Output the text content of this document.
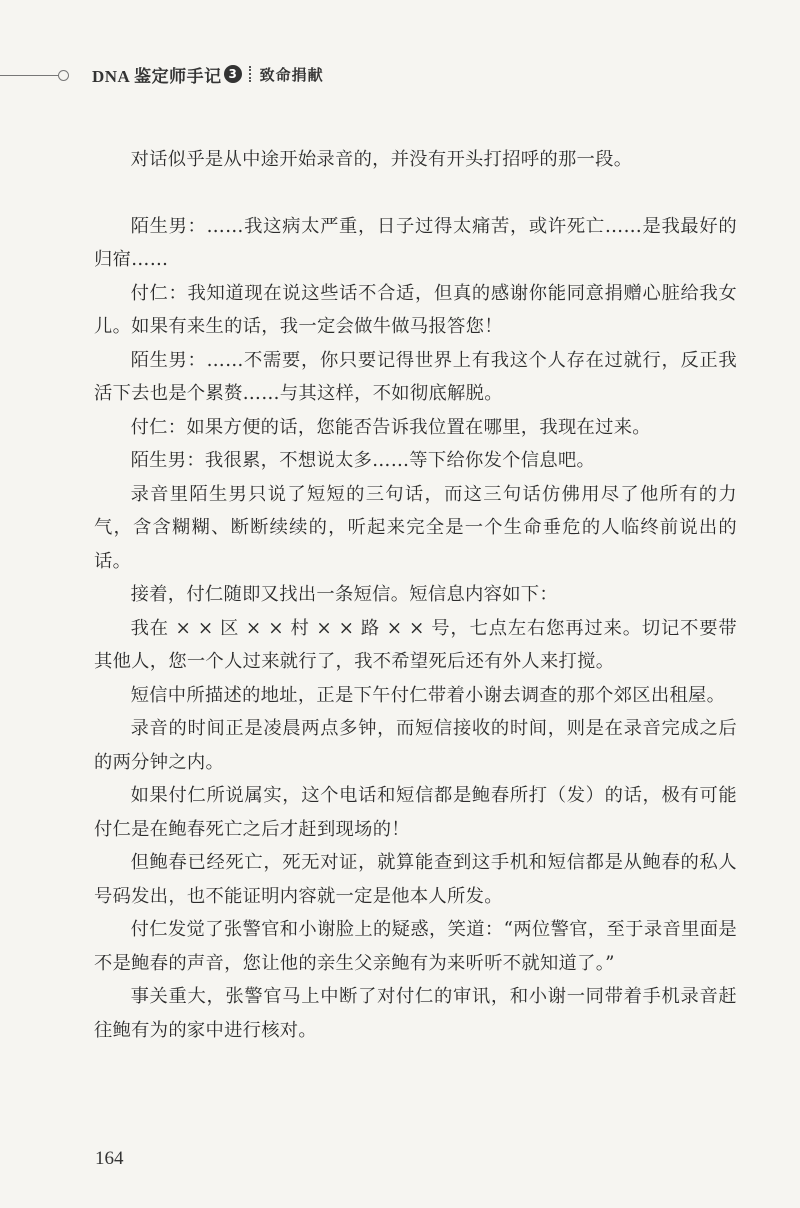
DNA 鉴定师手记 3	致命捐献

对话似乎是从中途开始录音的，并没有开头打招呼的那一段。

陌生男：……我这病太严重，日子过得太痛苦，或许死亡……是我最好的归宿……

付仁：我知道现在说这些话不合适，但真的感谢你能同意捐赠心脏给我女儿。如果有来生的话，我一定会做牛做马报答您！

陌生男：……不需要，你只要记得世界上有我这个人存在过就行，反正我活下去也是个累赘……与其这样，不如彻底解脱。

付仁：如果方便的话，您能否告诉我位置在哪里，我现在过来。

陌生男：我很累，不想说太多……等下给你发个信息吧。

录音里陌生男只说了短短的三句话，而这三句话仿佛用尽了他所有的力气，含含糊糊、断断续续的，听起来完全是一个生命垂危的人临终前说出的话。

接着，付仁随即又找出一条短信。短信息内容如下：

我在 × × 区 × × 村 × × 路 × × 号，七点左右您再过来。切记不要带其他人，您一个人过来就行了，我不希望死后还有外人来打搅。

短信中所描述的地址，正是下午付仁带着小谢去调查的那个郊区出租屋。

录音的时间正是凌晨两点多钟，而短信接收的时间，则是在录音完成之后的两分钟之内。

如果付仁所说属实，这个电话和短信都是鲍春所打（发）的话，极有可能付仁是在鲍春死亡之后才赶到现场的！

但鲍春已经死亡，死无对证，就算能查到这手机和短信都是从鲍春的私人号码发出，也不能证明内容就一定是他本人所发。

付仁发觉了张警官和小谢脸上的疑惑，笑道：“两位警官，至于录音里面是不是鲍春的声音，您让他的亲生父亲鲍有为来听听不就知道了。”

事关重大，张警官马上中断了对付仁的审讯，和小谢一同带着手机录音赶往鲍有为的家中进行核对。

164
